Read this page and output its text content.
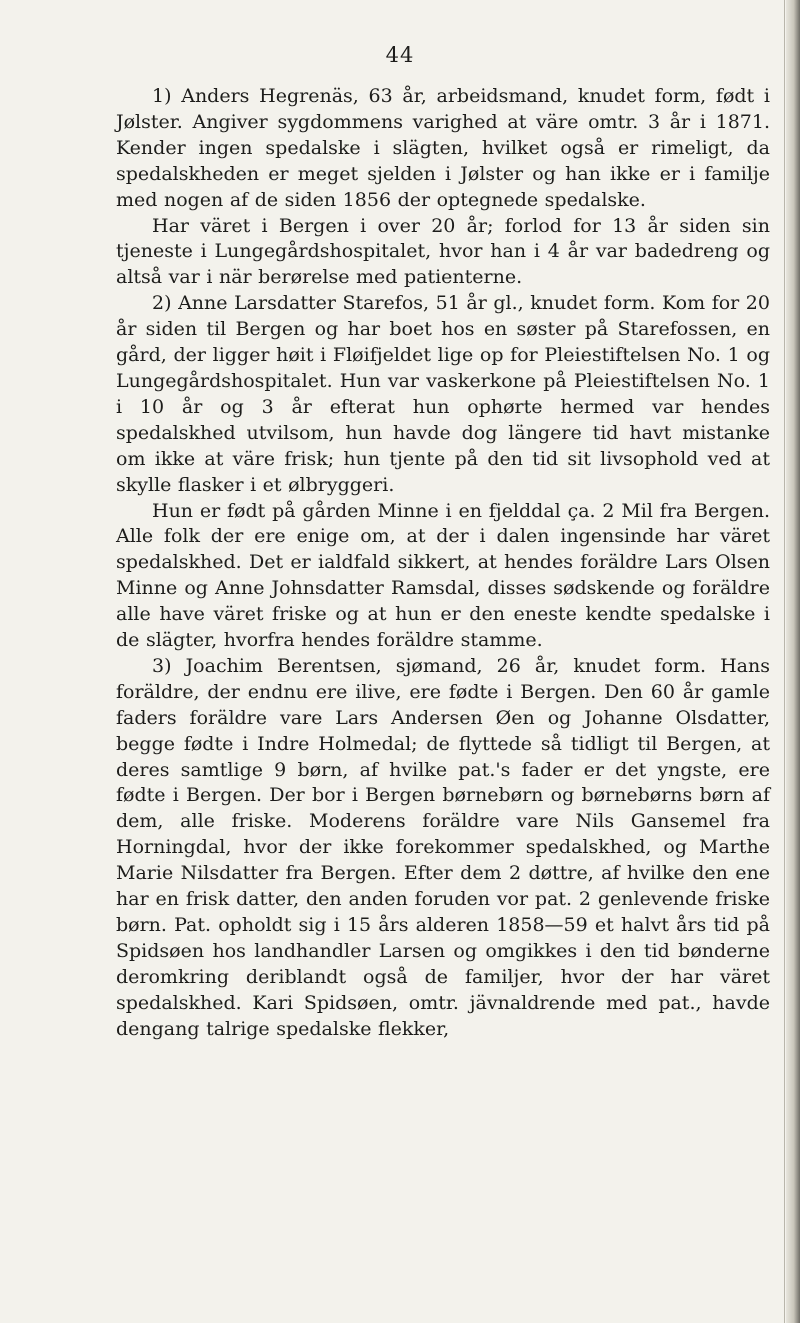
44

1) Anders Hegrenäs, 63 år, arbeidsmand, knudet form, født i Jølster. Angiver sygdommens varighed at väre omtr. 3 år i 1871. Kender ingen spedalske i slägten, hvilket også er rimeligt, da spedalskheden er meget sjelden i Jølster og han ikke er i familje med nogen af de siden 1856 der optegnede spedalske.

Har väret i Bergen i over 20 år; forlod for 13 år siden sin tjeneste i Lungegårdshospitalet, hvor han i 4 år var badedreng og altså var i när berørelse med patienterne.

2) Anne Larsdatter Starefos, 51 år gl., knudet form. Kom for 20 år siden til Bergen og har boet hos en søster på Starefossen, en gård, der ligger høit i Fløifjeldet lige op for Pleiestiftelsen No. 1 og Lungegårdshospitalet. Hun var vaskerkone på Pleiestiftelsen No. 1 i 10 år og 3 år efterat hun ophørte hermed var hendes spedalskhed utvilsom, hun havde dog längere tid havt mistanke om ikke at väre frisk; hun tjente på den tid sit livsophold ved at skylle flasker i et ølbryggeri.

Hun er født på gården Minne i en fjelddal ça. 2 Mil fra Bergen. Alle folk der ere enige om, at der i dalen ingensinde har väret spedalskhed. Det er ialdfald sikkert, at hendes foräldre Lars Olsen Minne og Anne Johnsdatter Ramsdal, disses sødskende og foräldre alle have väret friske og at hun er den eneste kendte spedalske i de slägter, hvorfra hendes foräldre stamme.

3) Joachim Berentsen, sjømand, 26 år, knudet form. Hans foräldre, der endnu ere ilive, ere fødte i Bergen. Den 60 år gamle faders foräldre vare Lars Andersen Øen og Johanne Olsdatter, begge fødte i Indre Holmedal; de flyttede så tidligt til Bergen, at deres samtlige 9 børn, af hvilke pat.'s fader er det yngste, ere fødte i Bergen. Der bor i Bergen børnebørn og børnebørns børn af dem, alle friske. Moderens foräldre vare Nils Gansemel fra Horningdal, hvor der ikke forekommer spedalskhed, og Marthe Marie Nilsdatter fra Bergen. Efter dem 2 døttre, af hvilke den ene har en frisk datter, den anden foruden vor pat. 2 genlevende friske børn. Pat. opholdt sig i 15 års alderen 1858—59 et halvt års tid på Spidsøen hos landhandler Larsen og omgikkes i den tid bønderne deromkring deriblandt også de familjer, hvor der har väret spedalskhed. Kari Spidsøen, omtr. jävnaldrende med pat., havde dengang talrige spedalske flekker,
